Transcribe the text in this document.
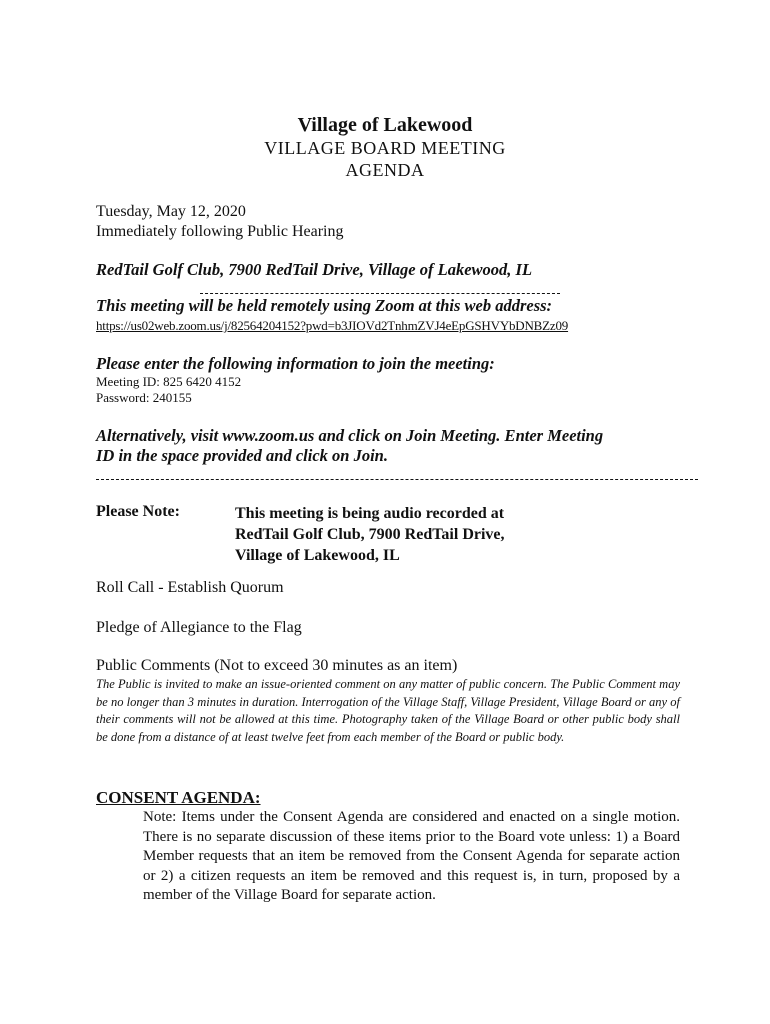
Village of Lakewood
VILLAGE BOARD MEETING
AGENDA
Tuesday, May 12, 2020
Immediately following Public Hearing
RedTail Golf Club, 7900 RedTail Drive, Village of Lakewood, IL
This meeting will be held remotely using Zoom at this web address:
https://us02web.zoom.us/j/82564204152?pwd=b3JIOVd2TnhmZVJ4eEpGSHVYbDNBZz09
Please enter the following information to join the meeting:
Meeting ID: 825 6420 4152
Password: 240155
Alternatively, visit www.zoom.us and click on Join Meeting. Enter Meeting
ID in the space provided and click on Join.
Please Note:	This meeting is being audio recorded at
RedTail Golf Club, 7900 RedTail Drive,
Village of Lakewood, IL
Roll Call - Establish Quorum
Pledge of Allegiance to the Flag
Public Comments (Not to exceed 30 minutes as an item)
The Public is invited to make an issue-oriented comment on any matter of public concern. The Public Comment may be no longer than 3 minutes in duration. Interrogation of the Village Staff, Village President, Village Board or any of their comments will not be allowed at this time. Photography taken of the Village Board or other public body shall be done from a distance of at least twelve feet from each member of the Board or public body.
CONSENT AGENDA:
Note: Items under the Consent Agenda are considered and enacted on a single motion. There is no separate discussion of these items prior to the Board vote unless: 1) a Board Member requests that an item be removed from the Consent Agenda for separate action or 2) a citizen requests an item be removed and this request is, in turn, proposed by a member of the Village Board for separate action.
